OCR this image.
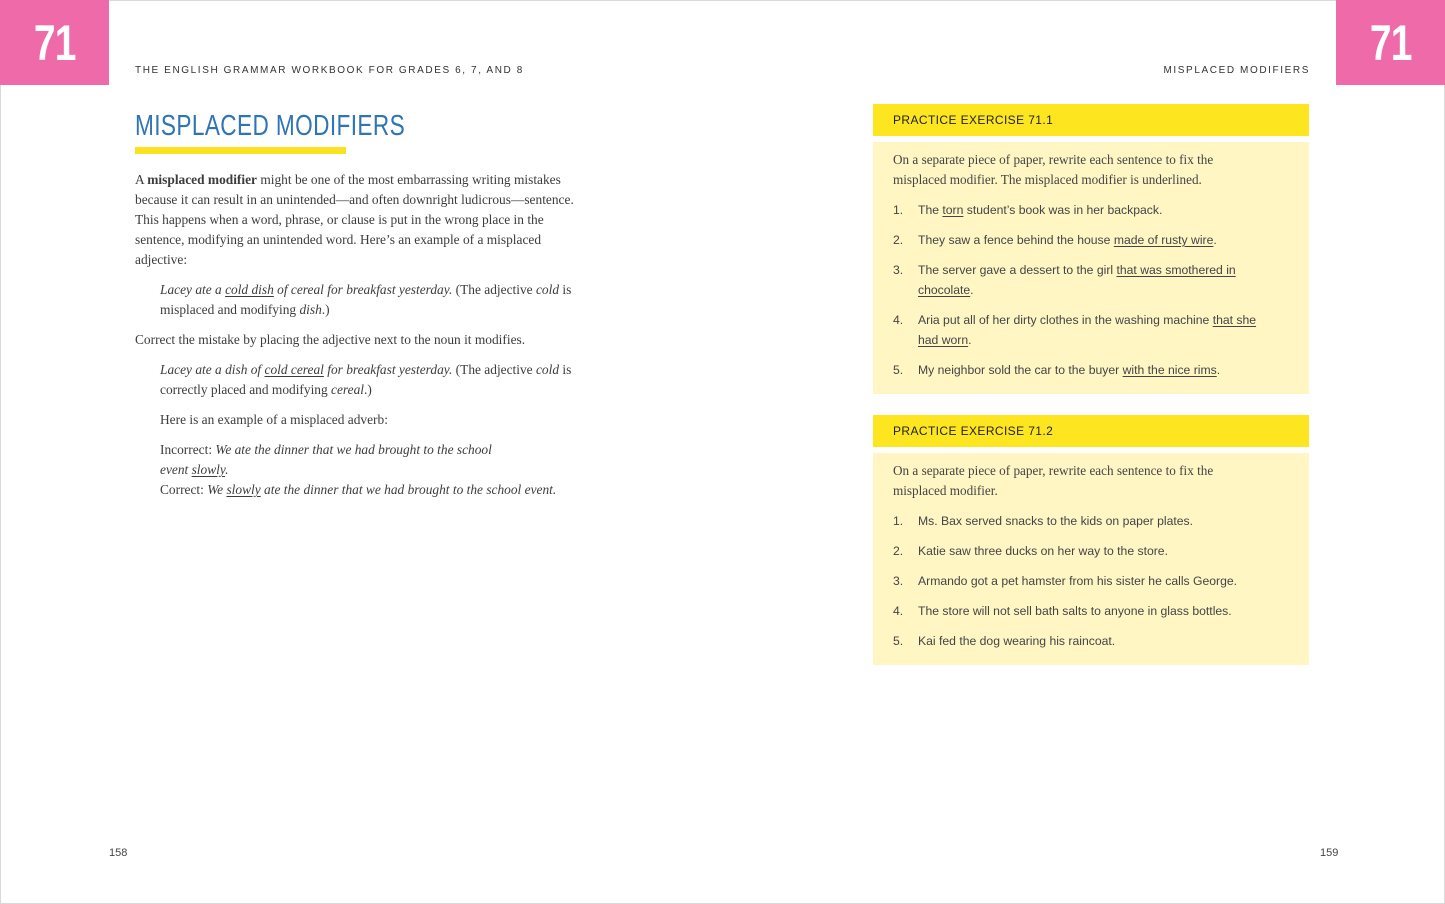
71	71
THE ENGLISH GRAMMAR WORKBOOK FOR GRADES 6, 7, AND 8	MISPLACED MODIFIERS
MISPLACED MODIFIERS

A misplaced modifier might be one of the most embarrassing writing mistakes because it can result in an unintended—and often downright ludicrous—sentence. This happens when a word, phrase, or clause is put in the wrong place in the sentence, modifying an unintended word. Here’s an example of a misplaced adjective:

Lacey ate a cold dish of cereal for breakfast yesterday. (The adjective cold is misplaced and modifying dish.)

Correct the mistake by placing the adjective next to the noun it modifies.

Lacey ate a dish of cold cereal for breakfast yesterday. (The adjective cold is correctly placed and modifying cereal.)

Here is an example of a misplaced adverb:

Incorrect: We ate the dinner that we had brought to the school event slowly.

Correct: We slowly ate the dinner that we had brought to the school event.

PRACTICE EXERCISE 71.1

On a separate piece of paper, rewrite each sentence to fix the misplaced modifier. The misplaced modifier is underlined.

1.	The torn student’s book was in her backpack.
2.	They saw a fence behind the house made of rusty wire.
3.	The server gave a dessert to the girl that was smothered in chocolate.
4.	Aria put all of her dirty clothes in the washing machine that she had worn.
5.	My neighbor sold the car to the buyer with the nice rims.
PRACTICE EXERCISE 71.2

On a separate piece of paper, rewrite each sentence to fix the misplaced modifier.

1.	Ms. Bax served snacks to the kids on paper plates.
2.	Katie saw three ducks on her way to the store.
3.	Armando got a pet hamster from his sister he calls George.
4.	The store will not sell bath salts to anyone in glass bottles.
5.	Kai fed the dog wearing his raincoat.
158	159
